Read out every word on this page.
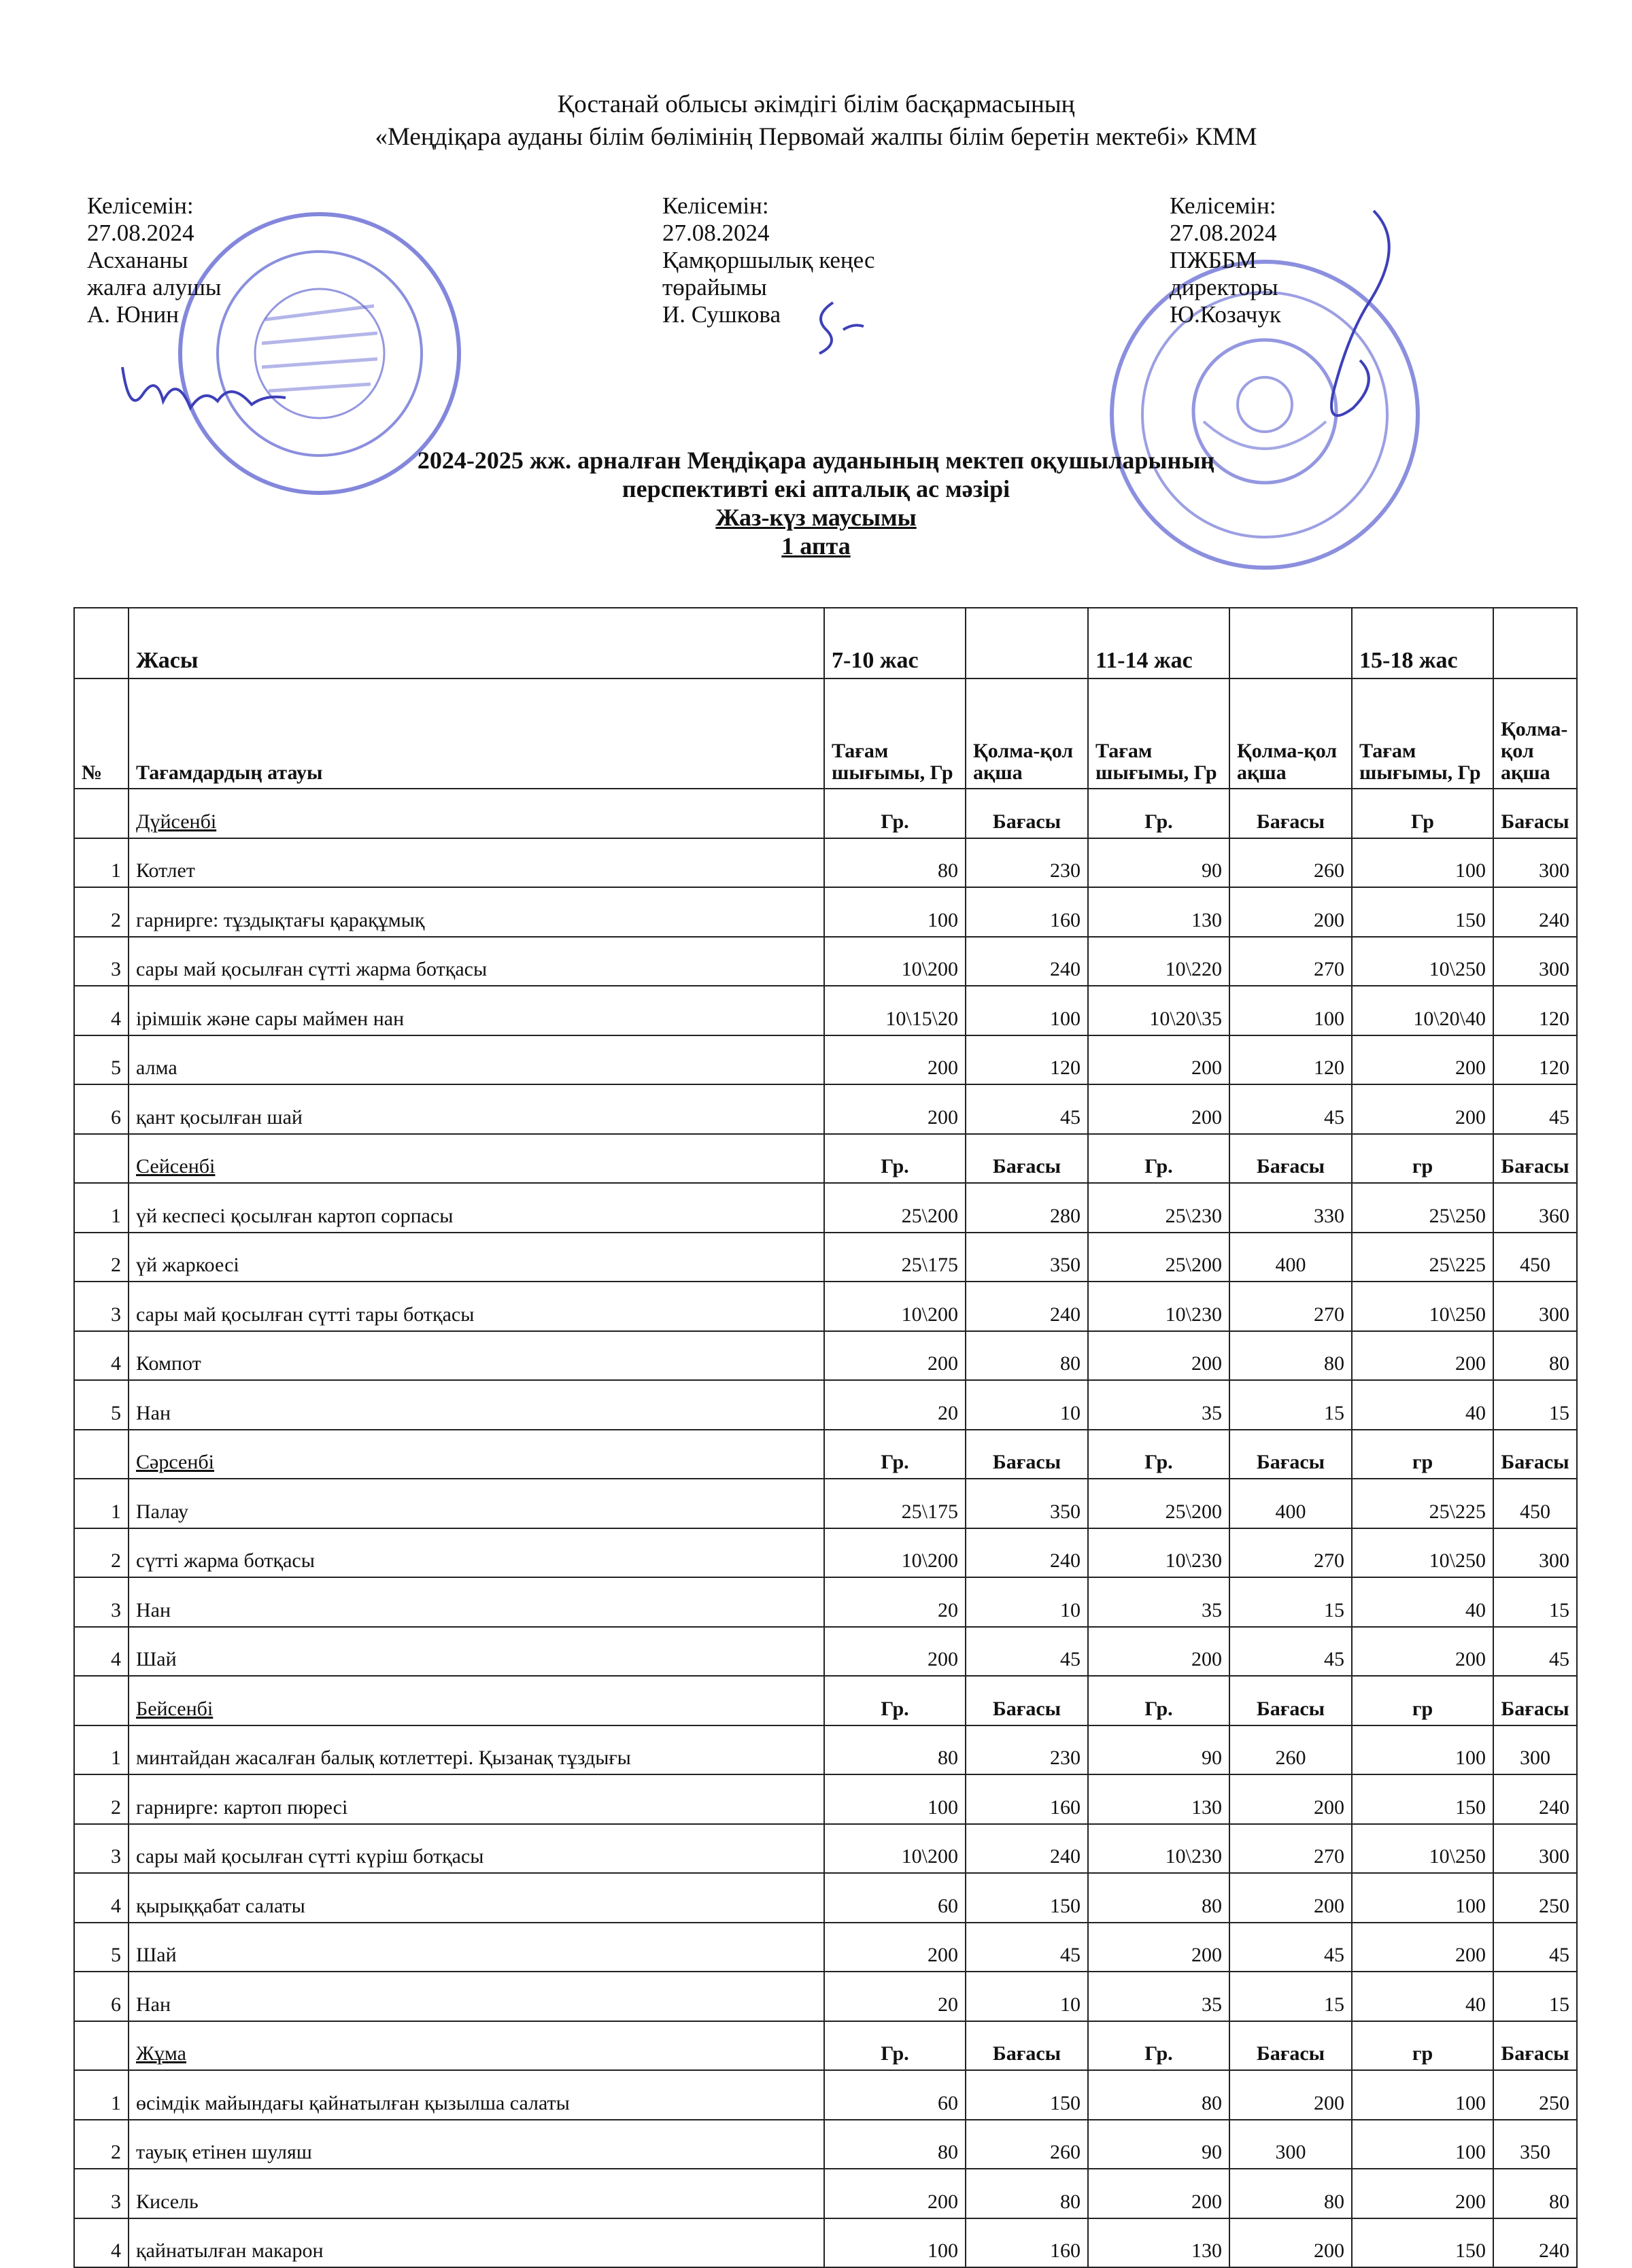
Қостанай облысы әкімдігі білім басқармасының
«Меңдіқара ауданы білім бөлімінің Первомай жалпы білім беретін мектебі» КММ
Келісемін:
27.08.2024
Асхананы
жалға алушы
А. Юнин
Келісемін:
27.08.2024
Қамқоршылық кеңес
төрайымы
И. Сушкова
Келісемін:
27.08.2024
ПЖББМ
директоры
Ю.Козачук
2024-2025 жж. арналған Меңдіқара ауданының мектеп оқушыларының
перспективті екі апталық ас мәзірі
Жаз-күз маусымы
1 апта
	Жасы	7-10 жас		11-14 жас		15-18 жас	
№	Тағамдардың атауы	Тағам шығымы, Гр	Қолма-қол ақша	Тағам шығымы, Гр	Қолма-қол ақша	Тағам шығымы, Гр	Қолма-қол ақша
	Дүйсенбі	Гр.	Бағасы	Гр.	Бағасы	Гр	Бағасы
1	Котлет	80	230	90	260	100	300
2	гарнирге: тұздықтағы қарақұмық	100	160	130	200	150	240
3	сары май қосылған сүтті жарма ботқасы	10\200	240	10\220	270	10\250	300
4	ірімшік және сары маймен нан	10\15\20	100	10\20\35	100	10\20\40	120
5	алма	200	120	200	120	200	120
6	қант қосылған шай	200	45	200	45	200	45
	Сейсенбі	Гр.	Бағасы	Гр.	Бағасы	гр	Бағасы
1	үй кеспесі қосылған картоп сорпасы	25\200	280	25\230	330	25\250	360
2	үй жаркоесі	25\175	350	25\200	400	25\225	450
3	сары май қосылған сүтті тары ботқасы	10\200	240	10\230	270	10\250	300
4	Компот	200	80	200	80	200	80
5	Нан	20	10	35	15	40	15
	Сәрсенбі	Гр.	Бағасы	Гр.	Бағасы	гр	Бағасы
1	Палау	25\175	350	25\200	400	25\225	450
2	сүтті жарма ботқасы	10\200	240	10\230	270	10\250	300
3	Нан	20	10	35	15	40	15
4	Шай	200	45	200	45	200	45
	Бейсенбі	Гр.	Бағасы	Гр.	Бағасы	гр	Бағасы
1	минтайдан жасалған балық котлеттері. Қызанақ тұздығы	80	230	90	260	100	300
2	гарнирге: картоп пюресі	100	160	130	200	150	240
3	сары май қосылған сүтті күріш ботқасы	10\200	240	10\230	270	10\250	300
4	қырыққабат салаты	60	150	80	200	100	250
5	Шай	200	45	200	45	200	45
6	Нан	20	10	35	15	40	15
	Жұма	Гр.	Бағасы	Гр.	Бағасы	гр	Бағасы
1	өсімдік майындағы қайнатылған қызылша салаты	60	150	80	200	100	250
2	тауық етінен шуляш	80	260	90	300	100	350
3	Кисель	200	80	200	80	200	80
4	қайнатылған макарон	100	160	130	200	150	240
